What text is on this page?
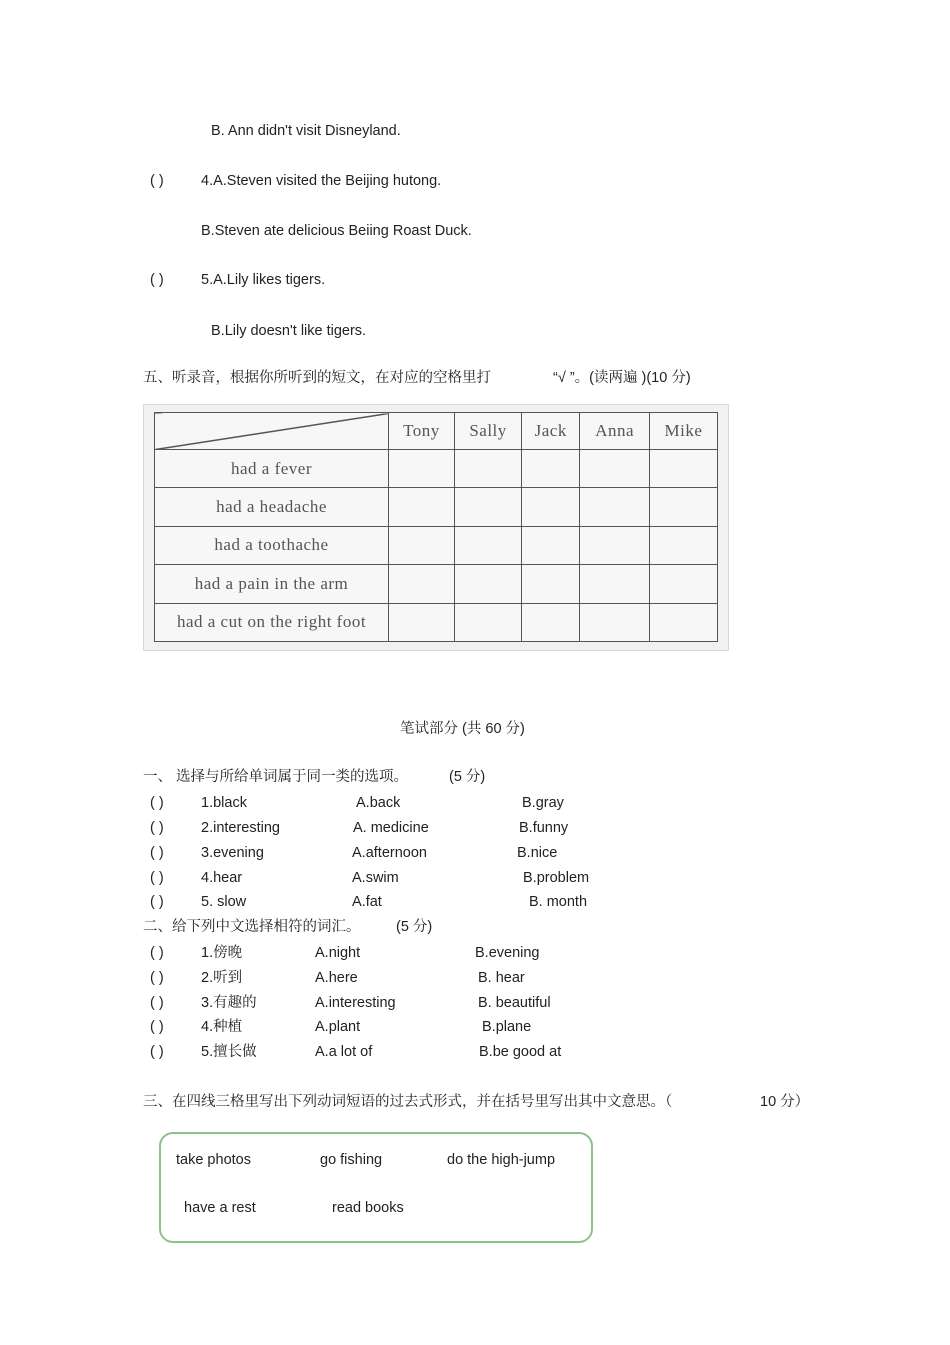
B. Ann didn't visit Disneyland.
( )	4.A.Steven visited the Beijing hutong.
B.Steven ate delicious Beiing Roast Duck.
( )	5.A.Lily likes tigers.
B.Lily doesn't like tigers.
五、听录音，根据你所听到的短文，在对应的空格里打	“√ ”。(读两遍 )(10 分)
	Tony	Sally	Jack	Anna	Mike
had a fever					
had a headache					
had a toothache					
had a pain in the arm					
had a cut on the right foot					
笔试部分 (共 60 分)
一、 选择与所给单词属于同一类的选项。	(5 分)
( )	1.black	A.back	B.gray
( )	2.interesting	A. medicine	B.funny
( )	3.evening	A.afternoon	B.nice
( )	4.hear	A.swim	B.problem
( )	5. slow	A.fat	B. month
二、给下列中文选择相符的词汇。 (5 分)
( )	1.傍晚	A.night	B.evening
( )	2.听到	A.here	B. hear
( )	3.有趣的	A.interesting	B. beautiful
( )	4.种植	A.plant	B.plane
( )	5.擅长做	A.a lot of	B.be good at
三、在四线三格里写出下列动词短语的过去式形式，并在括号里写出其中文意思。（	10 分）
take photos	go fishing	do the high-jump
have a rest	read books
